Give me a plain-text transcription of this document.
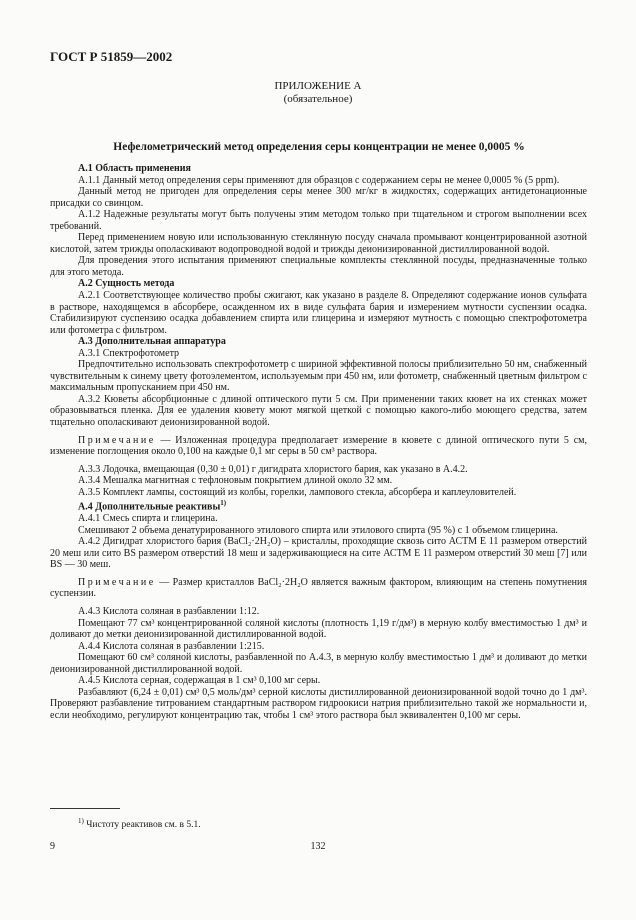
ГОСТ Р 51859—2002
ПРИЛОЖЕНИЕ А
(обязательное)
Нефелометрический метод определения серы концентрации не менее 0,0005 %

А.1 Область применения

А.1.1 Данный метод определения серы применяют для образцов с содержанием серы не менее 0,0005 % (5 ppm).

Данный метод не пригоден для определения серы менее 300 мг/кг в жидкостях, содержащих антидетонационные присадки со свинцом.

А.1.2 Надежные результаты могут быть получены этим методом только при тщательном и строгом выполнении всех требований.

Перед применением новую или использованную стеклянную посуду сначала промывают концентрированной азотной кислотой, затем трижды ополаскивают водопроводной водой и трижды деионизированной дистиллированной водой.

Для проведения этого испытания применяют специальные комплекты стеклянной посуды, предназначенные только для этого метода.

А.2 Сущность метода

А.2.1 Соответствующее количество пробы сжигают, как указано в разделе 8. Определяют содержание ионов сульфата в растворе, находящемся в абсорбере, осажденном их в виде сульфата бария и измерением мутности суспензии осадка. Стабилизируют суспензию осадка добавлением спирта или глицерина и измеряют мутность с помощью спектрофотометра или фотометра с фильтром.

А.3 Дополнительная аппаратура

А.3.1 Спектрофотометр

Предпочтительно использовать спектрофотометр с шириной эффективной полосы приблизительно 50 нм, снабженный чувствительным к синему цвету фотоэлементом, используемым при 450 нм, или фотометр, снабженный цветным фильтром с максимальным пропусканием при 450 нм.

А.3.2 Кюветы абсорбционные с длиной оптического пути 5 см. При применении таких кювет на их стенках может образовываться пленка. Для ее удаления кювету моют мягкой щеткой с помощью какого-либо моющего средства, затем тщательно ополаскивают деионизированной водой.

Примечание — Изложенная процедура предполагает измерение в кювете с длиной оптического пути 5 см, изменение поглощения около 0,100 на каждые 0,1 мг серы в 50 см³ раствора.

А.3.3 Лодочка, вмещающая (0,30 ± 0,01) г дигидрата хлористого бария, как указано в А.4.2.

А.3.4 Мешалка магнитная с тефлоновым покрытием длиной около 32 мм.

А.3.5 Комплект лампы, состоящий из колбы, горелки, лампового стекла, абсорбера и каплеуловителей.

А.4 Дополнительные реактивы$^{1)}$

А.4.1 Смесь спирта и глицерина.

Смешивают 2 объема денатурированного этилового спирта или этилового спирта (95 %) с 1 объемом глицерина.

А.4.2 Дигидрат хлористого бария (BaCl₂·2H₂O) – кристаллы, проходящие сквозь сито АСТМ Е 11 размером отверстий 20 меш или сито BS размером отверстий 18 меш и задерживающиеся на сите АСТМ Е 11 размером отверстий 30 меш [7] или BS — 30 меш.

Примечание — Размер кристаллов BaCl₂·2H₂O является важным фактором, влияющим на степень помутнения суспензии.

А.4.3 Кислота соляная в разбавлении 1:12.

Помещают 77 см³ концентрированной соляной кислоты (плотность 1,19 г/дм³) в мерную колбу вместимостью 1 дм³ и доливают до метки деионизированной дистиллированной водой.

А.4.4 Кислота соляная в разбавлении 1:215.

Помещают 60 см³ соляной кислоты, разбавленной по А.4.3, в мерную колбу вместимостью 1 дм³ и доливают до метки деионизированной дистиллированной водой.

А.4.5 Кислота серная, содержащая в 1 см³ 0,100 мг серы.

Разбавляют (6,24 ± 0,01) см³ 0,5 моль/дм³ серной кислоты дистиллированной деионизированной водой точно до 1 дм³. Проверяют разбавление титрованием стандартным раствором гидроокиси натрия приблизительно такой же нормальности и, если необходимо, регулируют концентрацию так, чтобы 1 см³ этого раствора был эквивалентен 0,100 мг серы.

$^{1)}$ Чистоту реактивов см. в 5.1.
9	132
